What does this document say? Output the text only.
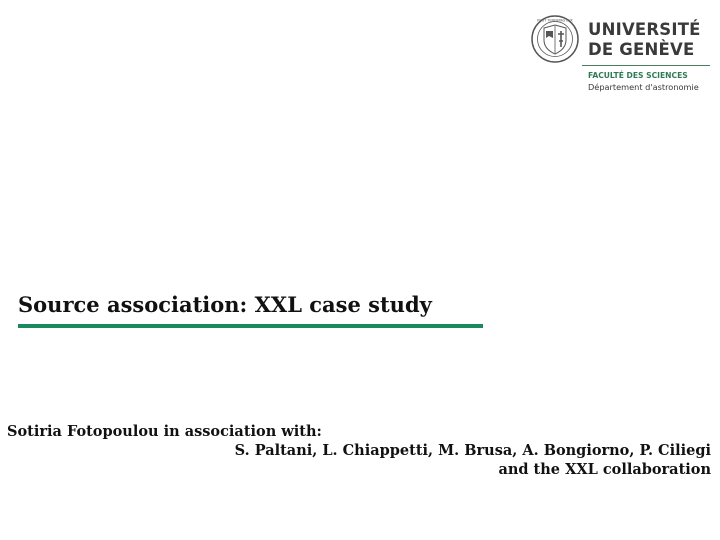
POST TENEBRAS LUX UNIVERSITÉ
DE GENÈVE
FACULTÉ DES SCIENCES
Département d'astronomie
Source association: XXL case study
Sotiria Fotopoulou in association with:
S. Paltani, L. Chiappetti, M. Brusa, A. Bongiorno, P. Ciliegi
and the XXL collaboration
